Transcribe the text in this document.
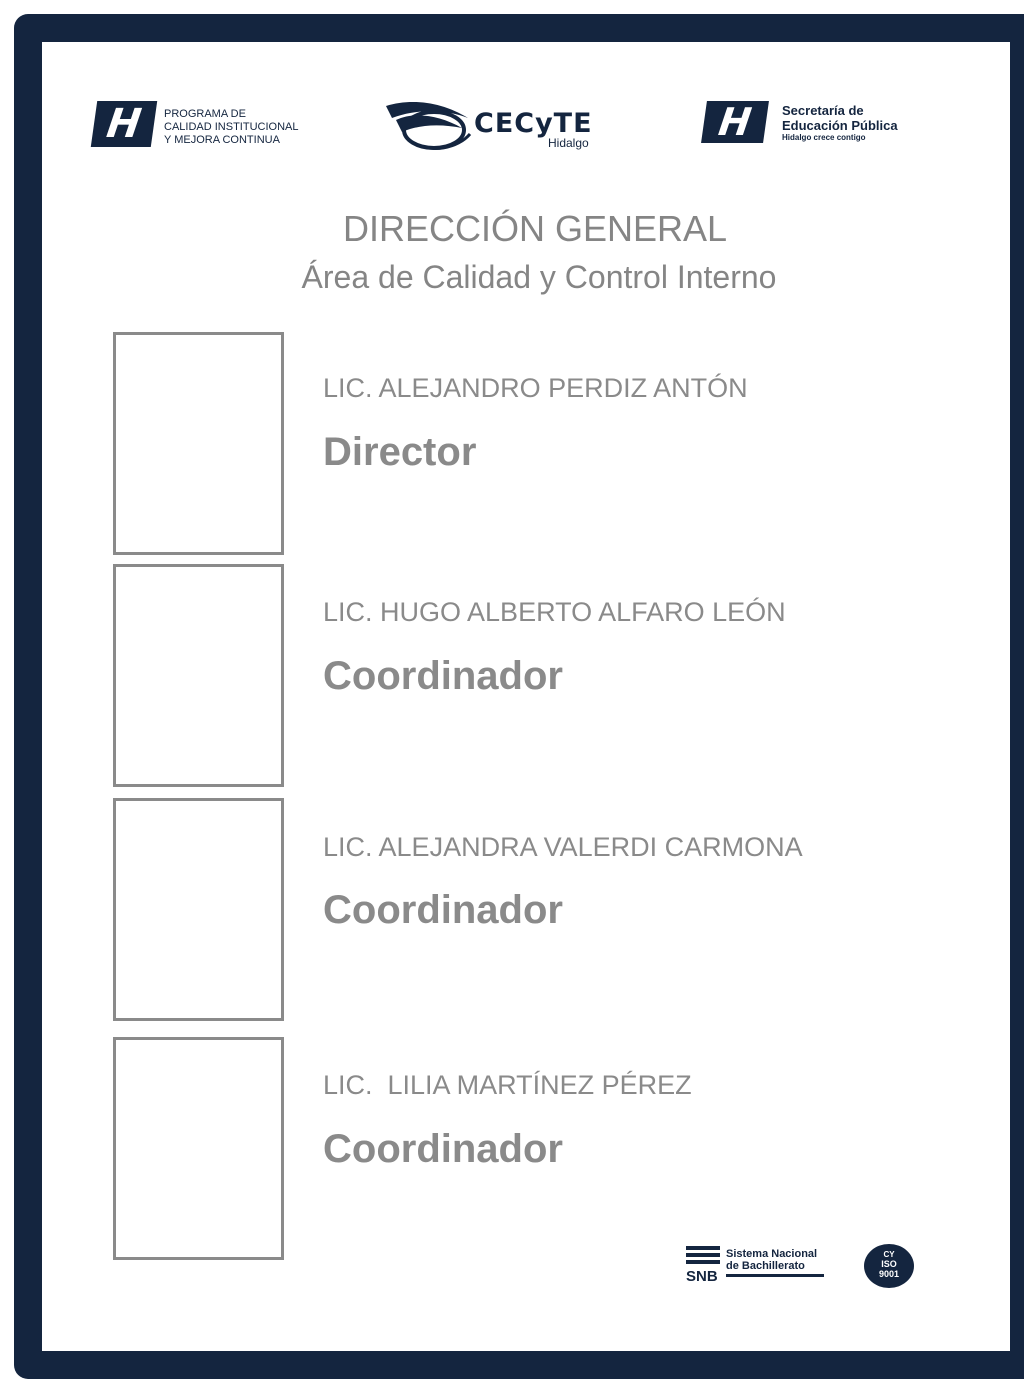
H	PROGRAMA DE
CALIDAD INSTITUCIONAL
Y MEJORA CONTINUA
CECyTE
Hidalgo	H	Secretaría de
Educación Pública
Hidalgo crece contigo
DIRECCIÓN GENERAL
Área de Calidad y Control Interno
LIC. ALEJANDRO PERDIZ ANTÓN
Director
LIC. HUGO ALBERTO ALFARO LEÓN
Coordinador
LIC. ALEJANDRA VALERDI CARMONA
Coordinador
LIC.  LILIA MARTÍNEZ PÉREZ
Coordinador
SNB
Sistema Nacional
de Bachillerato
CY
ISO
9001
